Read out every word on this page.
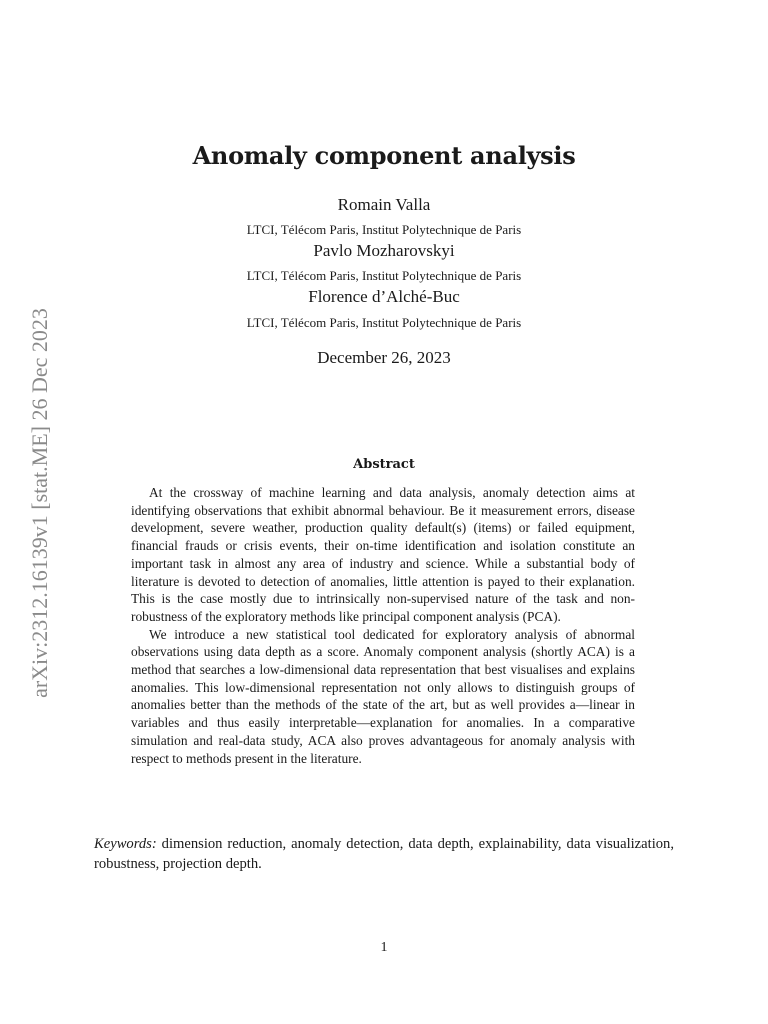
arXiv:2312.16139v1 [stat.ME] 26 Dec 2023
Anomaly component analysis
Romain Valla
LTCI, Télécom Paris, Institut Polytechnique de Paris
Pavlo Mozharovskyi
LTCI, Télécom Paris, Institut Polytechnique de Paris
Florence d’Alché-Buc
LTCI, Télécom Paris, Institut Polytechnique de Paris
December 26, 2023
Abstract

At the crossway of machine learning and data analysis, anomaly detection aims at identifying observations that exhibit abnormal behaviour. Be it measurement errors, disease development, severe weather, production quality default(s) (items) or failed equipment, financial frauds or crisis events, their on-time identification and isolation constitute an important task in almost any area of industry and science. While a substantial body of literature is devoted to detection of anomalies, little attention is payed to their explanation. This is the case mostly due to intrinsically non-supervised nature of the task and non-robustness of the exploratory methods like principal component analysis (PCA).

We introduce a new statistical tool dedicated for exploratory analysis of abnormal observations using data depth as a score. Anomaly component analysis (shortly ACA) is a method that searches a low-dimensional data representation that best visualises and explains anomalies. This low-dimensional representation not only allows to distinguish groups of anomalies better than the methods of the state of the art, but as well provides a—linear in variables and thus easily interpretable—explanation for anomalies. In a comparative simulation and real-data study, ACA also proves advantageous for anomaly analysis with respect to methods present in the literature.

Keywords: dimension reduction, anomaly detection, data depth, explainability, data visualization, robustness, projection depth.
1
